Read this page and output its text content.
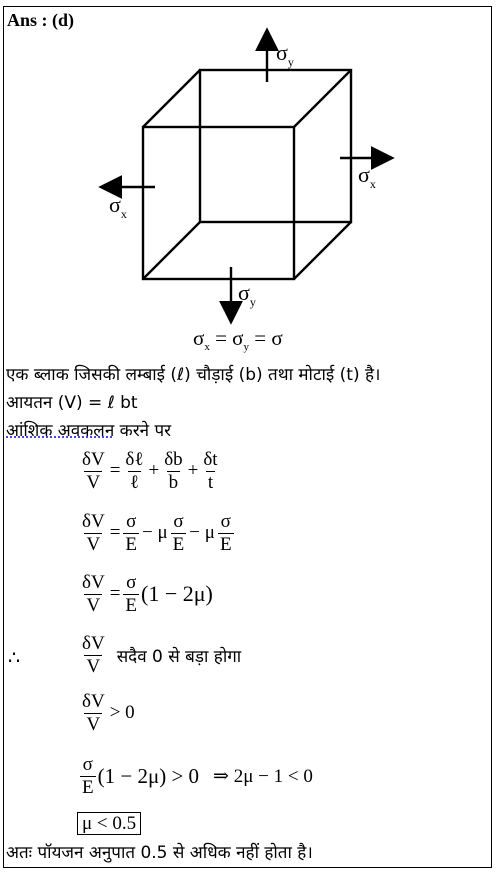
Ans : (d)
$\sigma_y$
$\sigma_x$
$\sigma_x$
$\sigma_y$
$\sigma_x = \sigma_y = \sigma$
एक ब्लाक जिसकी लम्बाई (ℓ) चौड़ाई (b) तथा मोटाई (t) है।
आयतन (V) = ℓ bt
आंशिक अवकलन करने पर
$\frac{\delta V}{V} = \frac{\text{δℓ}}{\text{ℓ}} + \frac{\delta b}{b} + \frac{\delta t}{t}$
$\frac{\delta V}{V} = \frac{\sigma}{E} - \mu \frac{\sigma}{E} - \mu \frac{\sigma}{E}$
$\frac{\delta V}{V} = \frac{\sigma}{E} (1 - 2\mu)$
∴	$\frac{\delta V}{V}$ सदैव 0 से बड़ा होगा
$\frac{\delta V}{V} > 0$
$\frac{\sigma}{E} (1 - 2\mu) > 0$ ⇒ 2μ − 1 < 0
μ < 0.5
अतः पॉयजन अनुपात 0.5 से अधिक नहीं होता है।
